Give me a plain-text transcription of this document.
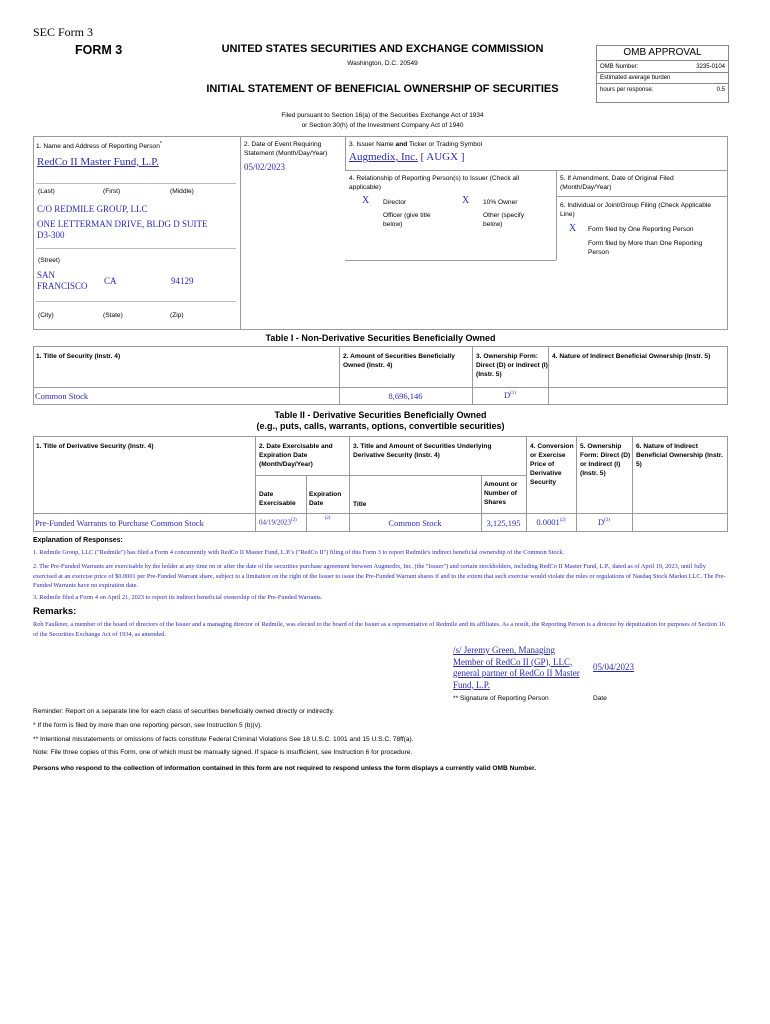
SEC Form 3
FORM 3	UNITED STATES SECURITIES AND EXCHANGE COMMISSION
Washington, D.C. 20549
INITIAL STATEMENT OF BENEFICIAL OWNERSHIP OF SECURITIES
Filed pursuant to Section 16(a) of the Securities Exchange Act of 1934
or Section 30(h) of the Investment Company Act of 1940
OMB APPROVAL
OMB Number:	3235-0104
Estimated average burden
hours per response:	0.5
1. Name and Address of Reporting Person*
RedCo II Master Fund, L.P.
(Last)	(First)	(Middle)
C/O REDMILE GROUP, LLC
ONE LETTERMAN DRIVE, BLDG D SUITE
D3-300
(Street)
SAN FRANCISCO	CA	94129
(City)	(State)	(Zip)
2. Date of Event Requiring Statement (Month/Day/Year)
05/02/2023
3. Issuer Name and Ticker or Trading Symbol
Augmedix, Inc. [ AUGX ]
4. Relationship of Reporting Person(s) to Issuer (Check all applicable)
X Director	X 10% Owner
Officer (give title below)
Other (specify below)
5. If Amendment, Date of Original Filed (Month/Day/Year)
6. Individual or Joint/Group Filing (Check Applicable Line)
X Form filed by One Reporting Person
Form filed by More than One Reporting Person
Table I - Non-Derivative Securities Beneficially Owned
1. Title of Security (Instr. 4)	2. Amount of Securities Beneficially Owned (Instr. 4)
3. Ownership Form: Direct (D) or Indirect (I) (Instr. 5)
4. Nature of Indirect Beneficial Ownership (Instr. 5)
Common Stock	8,696,146	$D^{(1)}$
Table II - Derivative Securities Beneficially Owned
(e.g., puts, calls, warrants, options, convertible securities)
1. Title of Derivative Security (Instr. 4)	2. Date Exercisable and Expiration Date (Month/Day/Year)
3. Title and Amount of Securities Underlying Derivative Security (Instr. 4)
4. Conversion or Exercise Price of Derivative Security
5. Ownership Form: Direct (D) or Indirect (I) (Instr. 5)
6. Nature of Indirect Beneficial Ownership (Instr. 5)
Date Exercisable
Expiration Date	Title
Amount or Number of Shares
Pre-Funded Warrants to Purchase Common Stock	04/19/2023$^{(2)}$	$^{(2)}$	Common Stock	3,125,195	0.0001$^{(2)}$	$D^{(3)}$
Explanation of Responses:
1. Redmile Group, LLC ("Redmile") has filed a Form 4 concurrently with RedCo II Master Fund, L.P.'s ("RedCo II") filing of this Form 3 to report Redmile's indirect beneficial ownership of the Common Stock.
2. The Pre-Funded Warrants are exercisable by the holder at any time on or after the date of the securities purchase agreement between Augmedix, Inc. (the "Issuer") and certain stockholders, including RedCo II Master Fund, L.P., dated as of April 19, 2023, until fully exercised at an exercise price of $0.0001 per Pre-Funded Warrant share, subject to a limitation on the right of the Issuer to issue the Pre-Funded Warrant shares if and to the extent that such exercise would violate the rules or regulations of Nasdaq Stock Market LLC. The Pre-Funded Warrants have no expiration date.
3. Redmile filed a Form 4 on April 21, 2023 to report its indirect beneficial ownership of the Pre-Funded Warrants.
Remarks:
Rob Faulkner, a member of the board of directors of the Issuer and a managing director of Redmile, was elected to the board of the Issuer as a representative of Redmile and its affiliates. As a result, the Reporting Person is a director by deputization for purposes of Section 16 of the Securities Exchange Act of 1934, as amended.
/s/ Jeremy Green, Managing
Member of RedCo II (GP), LLC,
general partner of RedCo II Master
Fund, L.P.
05/04/2023
** Signature of Reporting Person	Date
Reminder: Report on a separate line for each class of securities beneficially owned directly or indirectly.
* If the form is filed by more than one reporting person, see Instruction 5 (b)(v).
** Intentional misstatements or omissions of facts constitute Federal Criminal Violations See 18 U.S.C. 1001 and 15 U.S.C. 78ff(a).
Note: File three copies of this Form, one of which must be manually signed. If space is insufficient, see Instruction 6 for procedure.
Persons who respond to the collection of information contained in this form are not required to respond unless the form displays a currently valid OMB Number.
